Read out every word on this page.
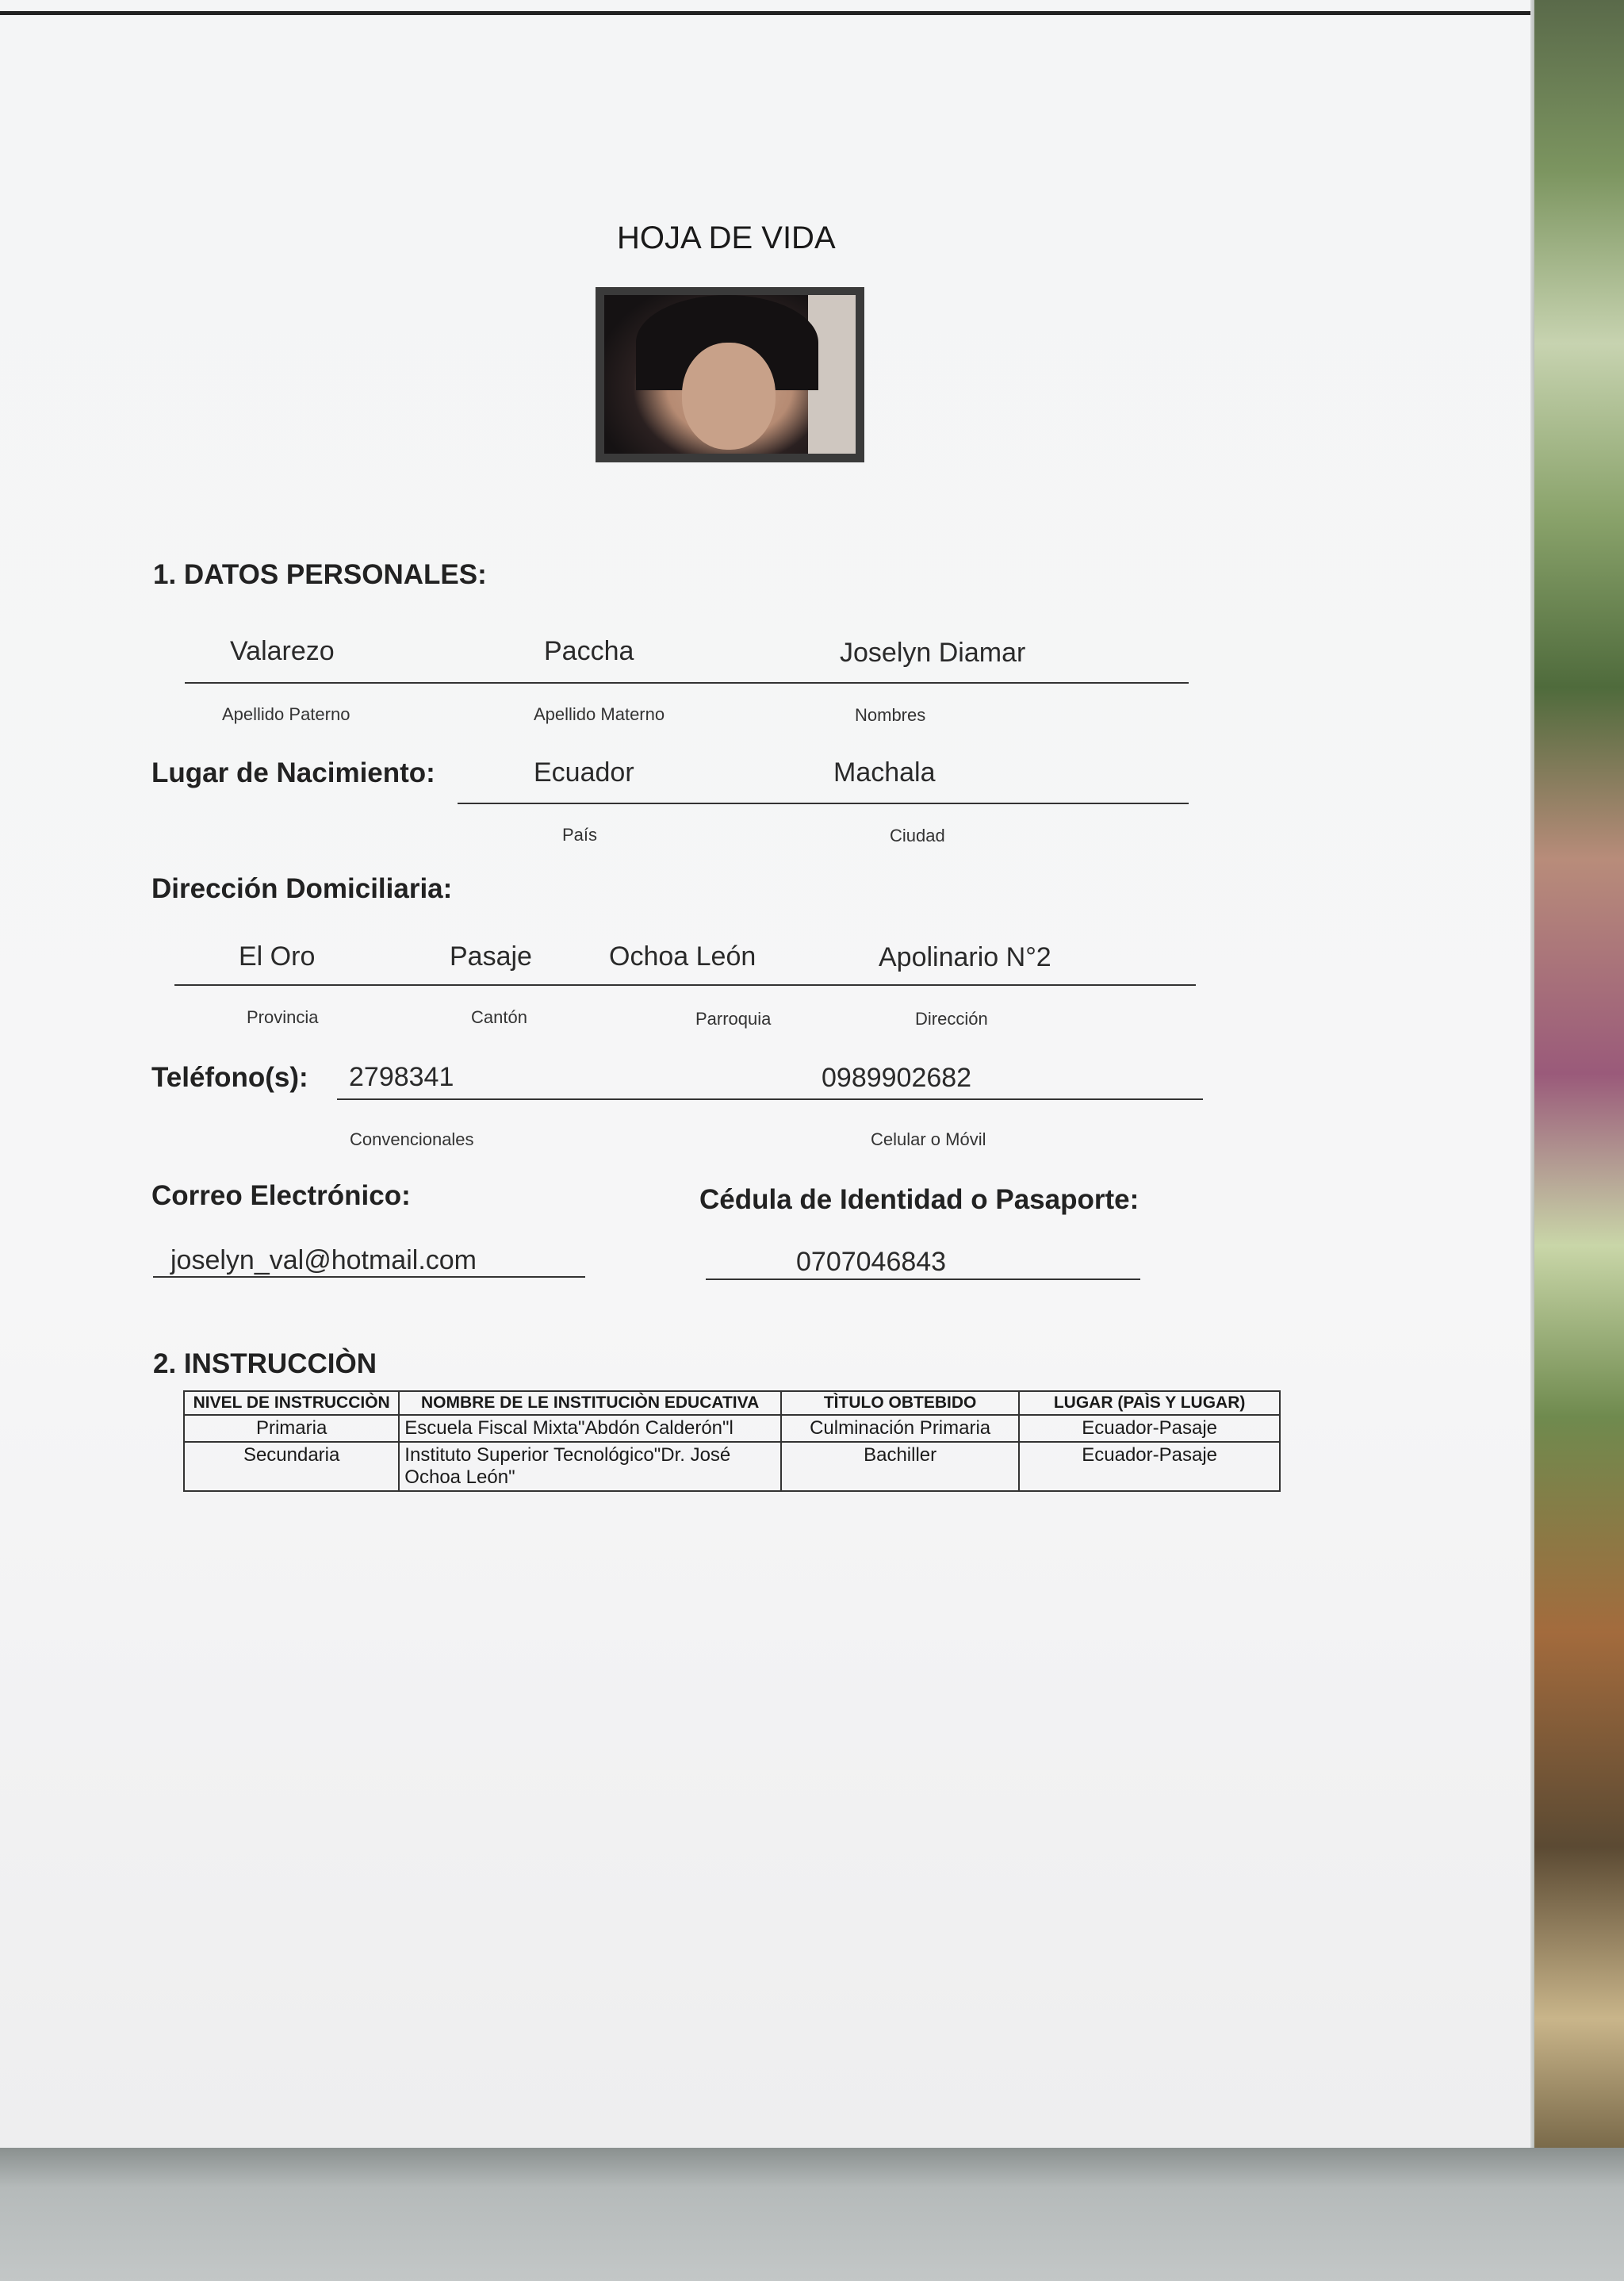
HOJA DE VIDA
1. DATOS PERSONALES:
Valarezo	Paccha	Joselyn Diamar
Apellido Paterno	Apellido Materno	Nombres
Lugar de Nacimiento:	Ecuador	Machala
País	Ciudad
Dirección Domiciliaria:
El Oro	Pasaje	Ochoa León	Apolinario N°2
Provincia	Cantón	Parroquia	Dirección
Teléfono(s): 2798341	0989902682
Convencionales	Celular o Móvil
Correo Electrónico:	Cédula de Identidad o Pasaporte:
joselyn_val@hotmail.com	0707046843
2. INSTRUCCIÒN
NIVEL DE INSTRUCCIÒN	NOMBRE DE LE INSTITUCIÒN EDUCATIVA	TÌTULO OBTEBIDO	LUGAR (PAÌS Y LUGAR)
Primaria	Escuela Fiscal Mixta"Abdón Calderón"l	Culminación Primaria	Ecuador-Pasaje
Secundaria	Instituto Superior Tecnológico"Dr. José Ochoa León"	Bachiller	Ecuador-Pasaje
